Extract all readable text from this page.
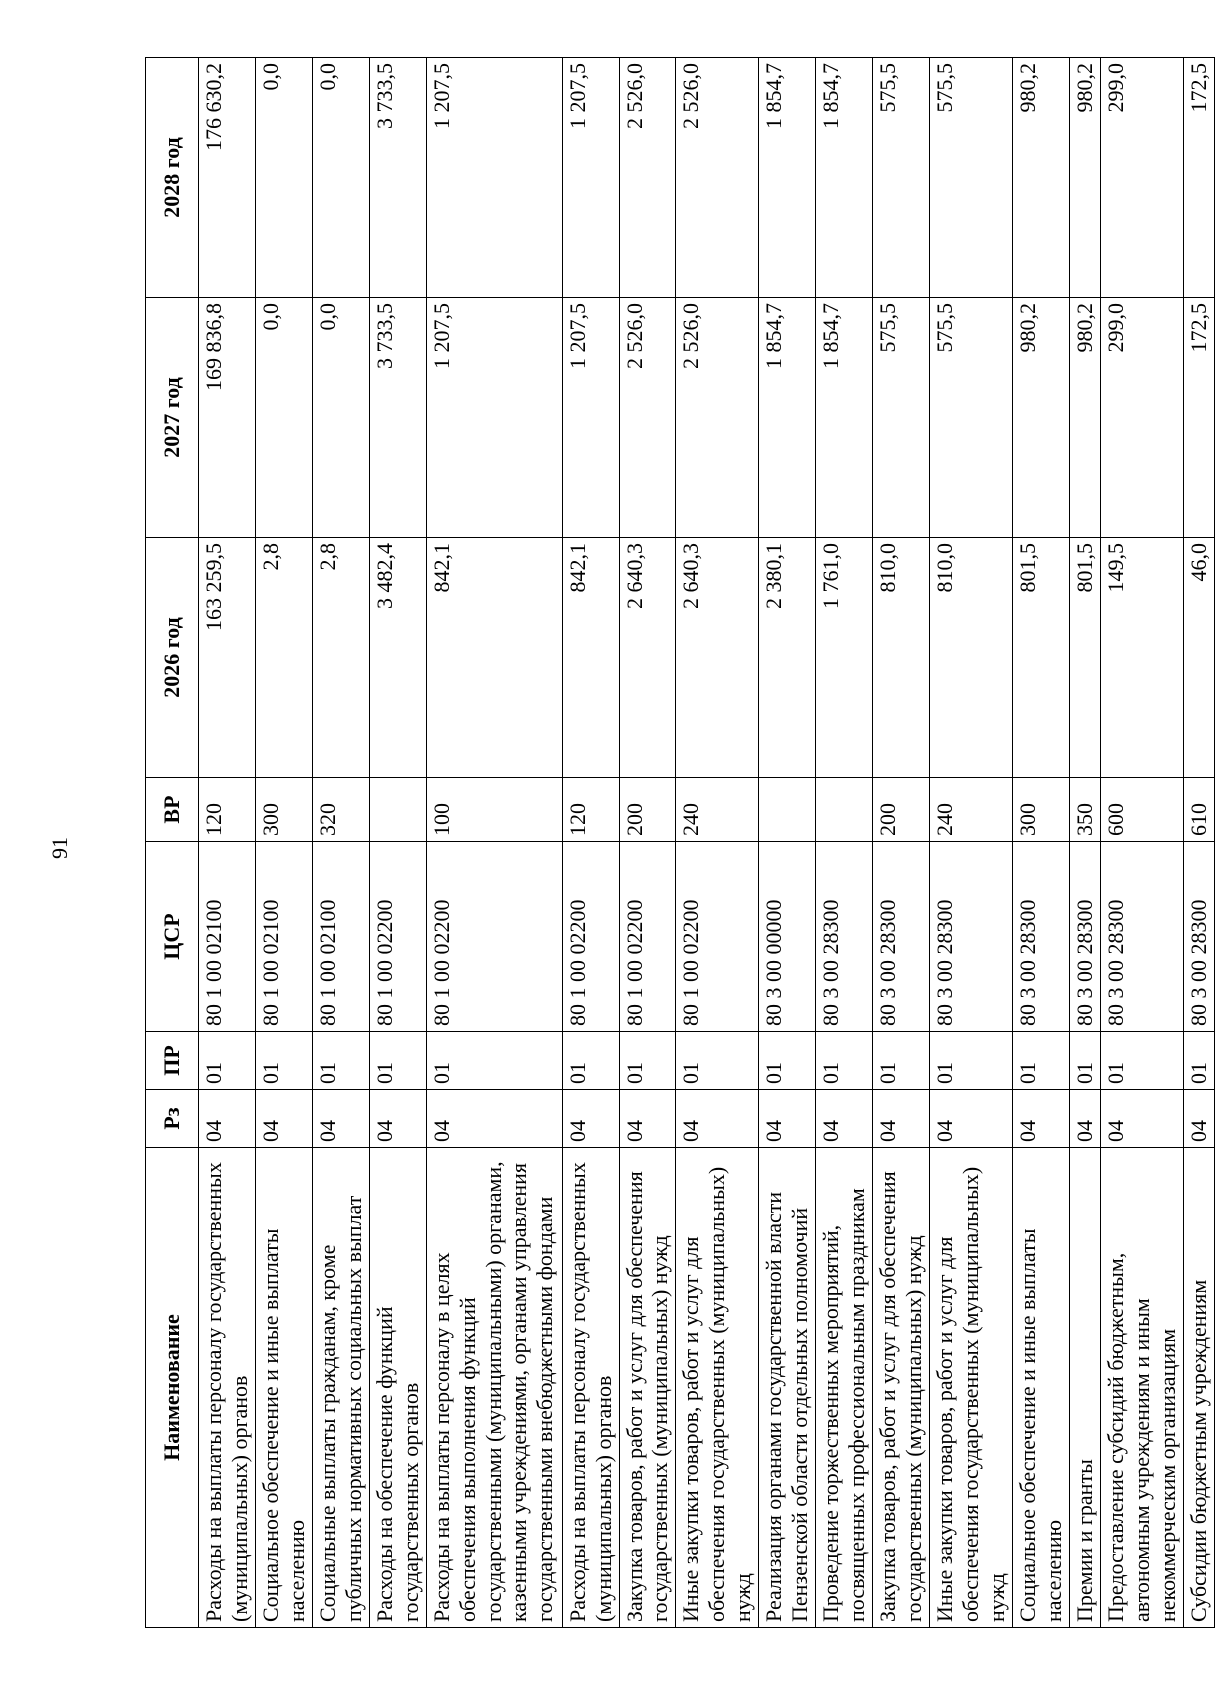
91
Наименование	Рз	ПР	ЦСР	ВР	2026 год	2027 год	2028 год
Расходы на выплаты персоналу государственных (муниципальных) органов	04	01	80 1 00 02100	120	163 259,5	169 836,8	176 630,2
Социальное обеспечение и иные выплаты населению	04	01	80 1 00 02100	300	2,8	0,0	0,0
Социальные выплаты гражданам, кроме публичных нормативных социальных выплат	04	01	80 1 00 02100	320	2,8	0,0	0,0
Расходы на обеспечение функций государственных органов	04	01	80 1 00 02200		3 482,4	3 733,5	3 733,5
Расходы на выплаты персоналу в целях обеспечения выполнения функций государственными (муниципальными) органами, казенными учреждениями, органами управления государственными внебюджетными фондами	04	01	80 1 00 02200	100	842,1	1 207,5	1 207,5
Расходы на выплаты персоналу государственных (муниципальных) органов	04	01	80 1 00 02200	120	842,1	1 207,5	1 207,5
Закупка товаров, работ и услуг для обеспечения государственных (муниципальных) нужд	04	01	80 1 00 02200	200	2 640,3	2 526,0	2 526,0
Иные закупки товаров, работ и услуг для обеспечения государственных (муниципальных) нужд	04	01	80 1 00 02200	240	2 640,3	2 526,0	2 526,0
Реализация органами государственной власти Пензенской области отдельных полномочий	04	01	80 3 00 00000		2 380,1	1 854,7	1 854,7
Проведение торжественных мероприятий, посвященных профессиональным праздникам	04	01	80 3 00 28300		1 761,0	1 854,7	1 854,7
Закупка товаров, работ и услуг для обеспечения государственных (муниципальных) нужд	04	01	80 3 00 28300	200	810,0	575,5	575,5
Иные закупки товаров, работ и услуг для обеспечения государственных (муниципальных) нужд	04	01	80 3 00 28300	240	810,0	575,5	575,5
Социальное обеспечение и иные выплаты населению	04	01	80 3 00 28300	300	801,5	980,2	980,2
Премии и гранты	04	01	80 3 00 28300	350	801,5	980,2	980,2
Предоставление субсидий бюджетным, автономным учреждениям и иным некоммерческим организациям	04	01	80 3 00 28300	600	149,5	299,0	299,0
Субсидии бюджетным учреждениям	04	01	80 3 00 28300	610	46,0	172,5	172,5
